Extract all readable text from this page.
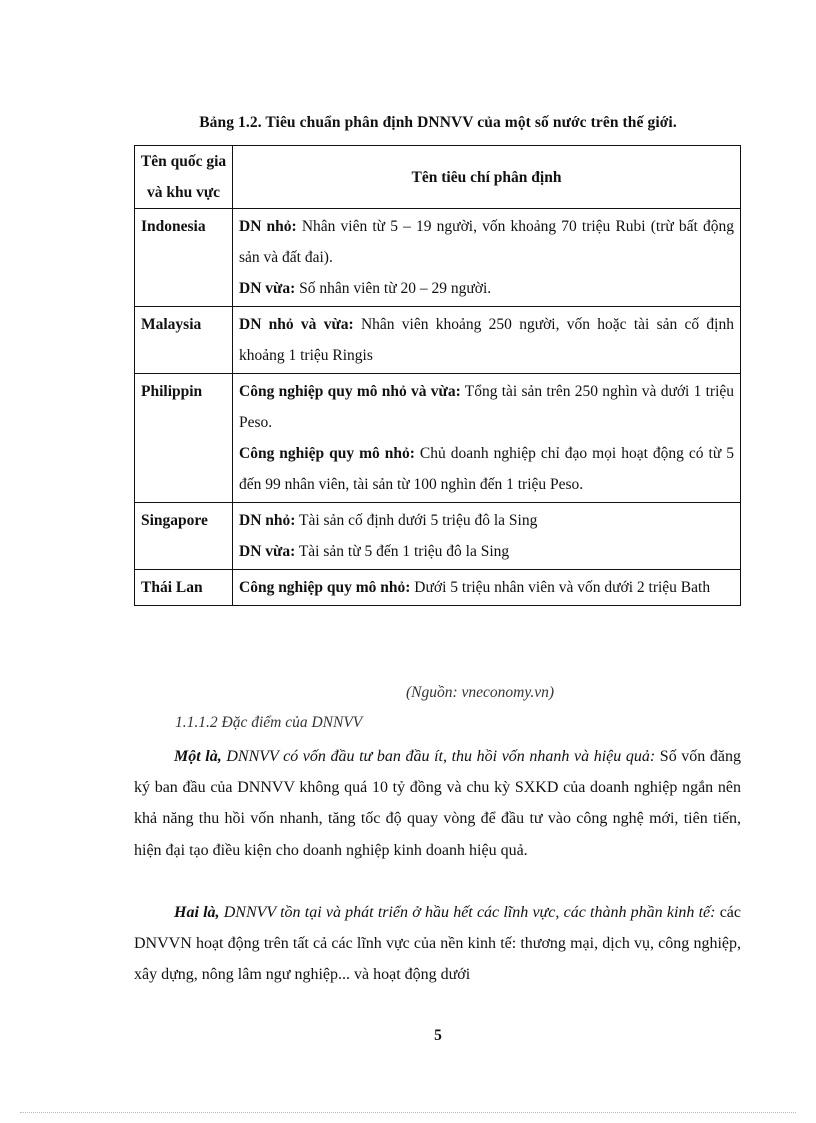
Bảng 1.2. Tiêu chuẩn phân định DNNVV của một số nước trên thế giới.
Tên quốc gia và khu vực	Tên tiêu chí phân định
Indonesia	DN nhỏ: Nhân viên từ 5 – 19 người, vốn khoảng 70 triệu Rubi (trừ bất động sản và đất đai).

DN vừa: Số nhân viên từ 20 – 29 người.

Malaysia	DN nhỏ và vừa: Nhân viên khoảng 250 người, vốn hoặc tài sản cố định khoảng 1 triệu Ringis

Philippin	Công nghiệp quy mô nhỏ và vừa: Tổng tài sản trên 250 nghìn và dưới 1 triệu Peso.

Công nghiệp quy mô nhỏ: Chủ doanh nghiệp chỉ đạo mọi hoạt động có từ 5 đến 99 nhân viên, tài sản từ 100 nghìn đến 1 triệu Peso.

Singapore	DN nhỏ: Tài sản cố định dưới 5 triệu đô la Sing

DN vừa: Tài sản từ 5 đến 1 triệu đô la Sing

Thái Lan	Công nghiệp quy mô nhỏ: Dưới 5 triệu nhân viên và vốn dưới 2 triệu Bath

(Nguồn: vneconomy.vn)
1.1.1.2 Đặc điểm của DNNVV
Một là, DNNVV có vốn đầu tư ban đầu ít, thu hồi vốn nhanh và hiệu quả: Số vốn đăng ký ban đầu của DNNVV không quá 10 tỷ đồng và chu kỳ SXKD của doanh nghiệp ngắn nên khả năng thu hồi vốn nhanh, tăng tốc độ quay vòng để đầu tư vào công nghệ mới, tiên tiến, hiện đại tạo điều kiện cho doanh nghiệp kinh doanh hiệu quả.
Hai là, DNNVV tồn tại và phát triển ở hầu hết các lĩnh vực, các thành phần kinh tế: các DNVVN hoạt động trên tất cả các lĩnh vực của nền kinh tế: thương mại, dịch vụ, công nghiệp, xây dựng, nông lâm ngư nghiệp... và hoạt động dưới
5
